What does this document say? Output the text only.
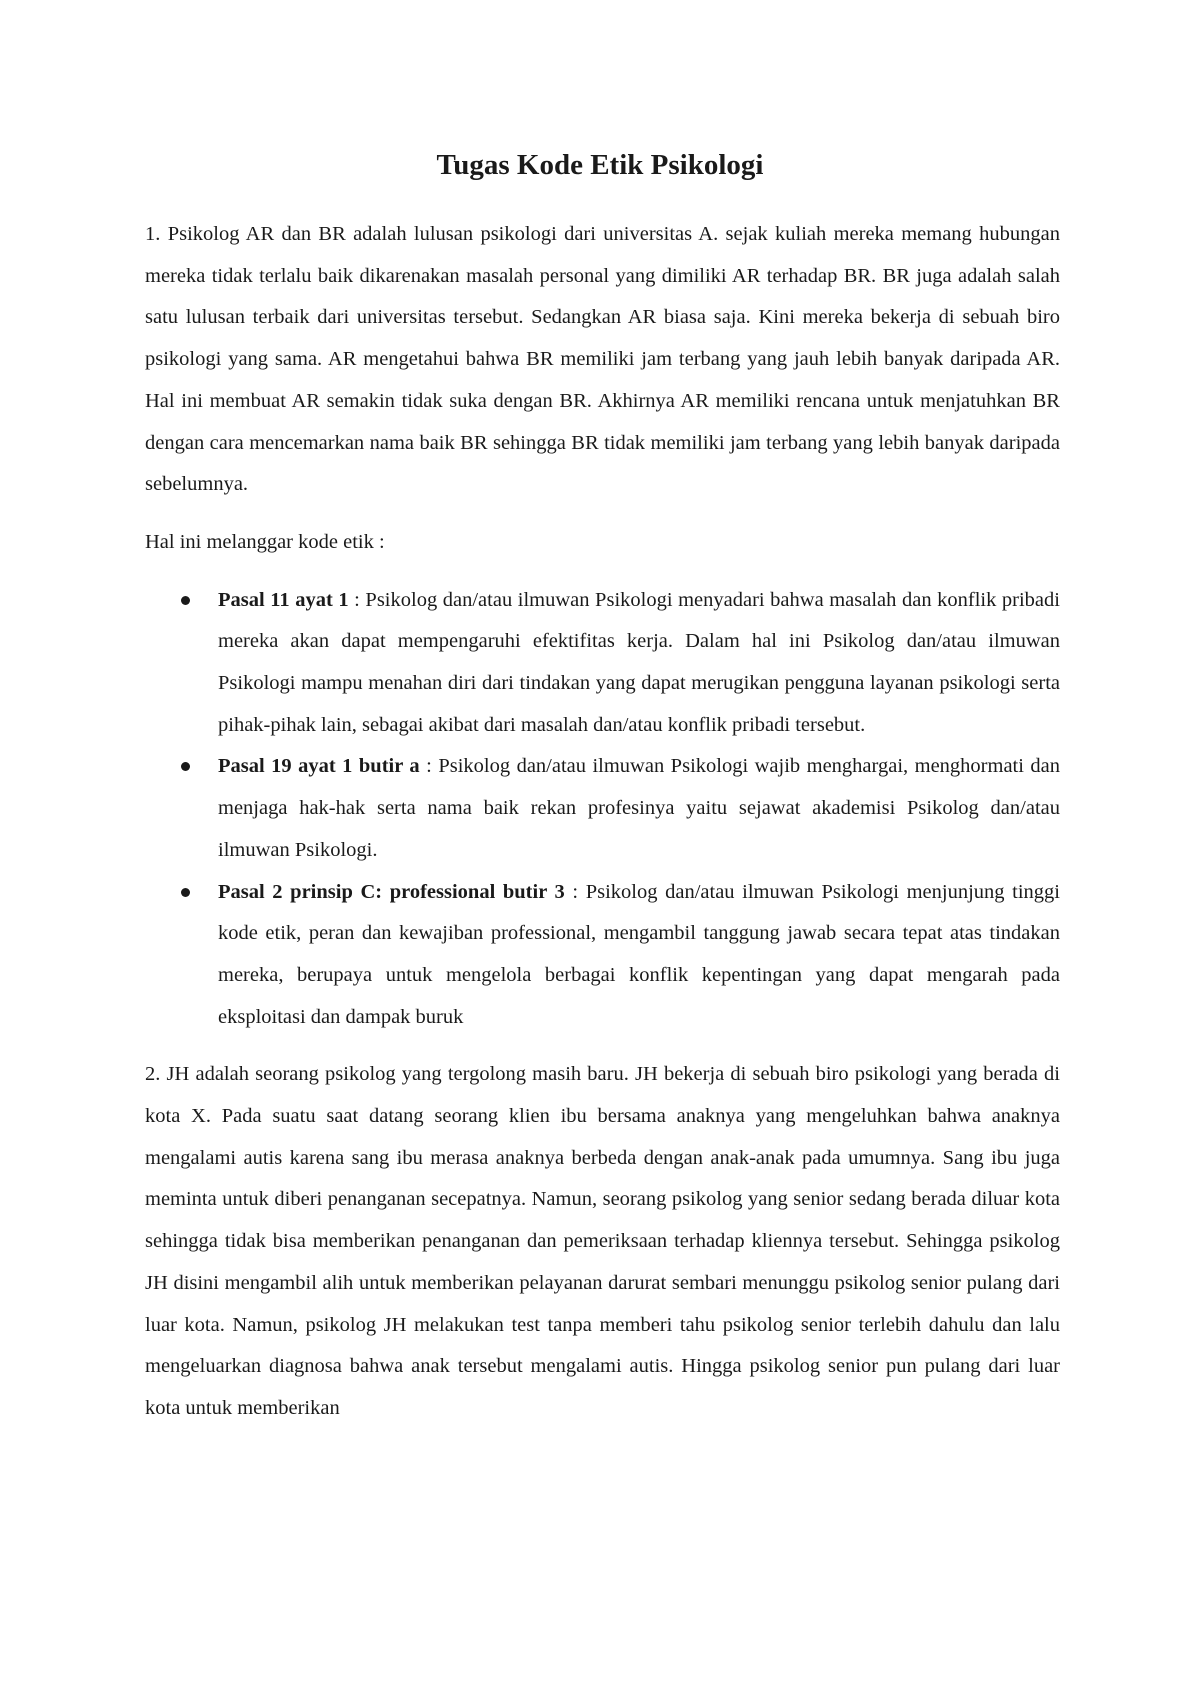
Tugas Kode Etik Psikologi

1. Psikolog AR dan BR adalah lulusan psikologi dari universitas A. sejak kuliah mereka memang hubungan mereka tidak terlalu baik dikarenakan masalah personal yang dimiliki AR terhadap BR. BR juga adalah salah satu lulusan terbaik dari universitas tersebut. Sedangkan AR biasa saja. Kini mereka bekerja di sebuah biro psikologi yang sama. AR mengetahui bahwa BR memiliki jam terbang yang jauh lebih banyak daripada AR. Hal ini membuat AR semakin tidak suka dengan BR. Akhirnya AR memiliki rencana untuk menjatuhkan BR dengan cara mencemarkan nama baik BR sehingga BR tidak memiliki jam terbang yang lebih banyak daripada sebelumnya.

Hal ini melanggar kode etik :

Pasal 11 ayat 1 : Psikolog dan/atau ilmuwan Psikologi menyadari bahwa masalah dan konflik pribadi mereka akan dapat mempengaruhi efektifitas kerja. Dalam hal ini Psikolog dan/atau ilmuwan Psikologi mampu menahan diri dari tindakan yang dapat merugikan pengguna layanan psikologi serta pihak-pihak lain, sebagai akibat dari masalah dan/atau konflik pribadi tersebut.
Pasal 19 ayat 1 butir a : Psikolog dan/atau ilmuwan Psikologi wajib menghargai, menghormati dan menjaga hak-hak serta nama baik rekan profesinya yaitu sejawat akademisi Psikolog dan/atau ilmuwan Psikologi.
Pasal 2 prinsip C: professional butir 3 : Psikolog dan/atau ilmuwan Psikologi menjunjung tinggi kode etik, peran dan kewajiban professional, mengambil tanggung jawab secara tepat atas tindakan mereka, berupaya untuk mengelola berbagai konflik kepentingan yang dapat mengarah pada eksploitasi dan dampak buruk

2. JH adalah seorang psikolog yang tergolong masih baru. JH bekerja di sebuah biro psikologi yang berada di kota X. Pada suatu saat datang seorang klien ibu bersama anaknya yang mengeluhkan bahwa anaknya mengalami autis karena sang ibu merasa anaknya berbeda dengan anak-anak pada umumnya. Sang ibu juga meminta untuk diberi penanganan secepatnya. Namun, seorang psikolog yang senior sedang berada diluar kota sehingga tidak bisa memberikan penanganan dan pemeriksaan terhadap kliennya tersebut. Sehingga psikolog JH disini mengambil alih untuk memberikan pelayanan darurat sembari menunggu psikolog senior pulang dari luar kota. Namun, psikolog JH melakukan test tanpa memberi tahu psikolog senior terlebih dahulu dan lalu mengeluarkan diagnosa bahwa anak tersebut mengalami autis. Hingga psikolog senior pun pulang dari luar kota untuk memberikan
